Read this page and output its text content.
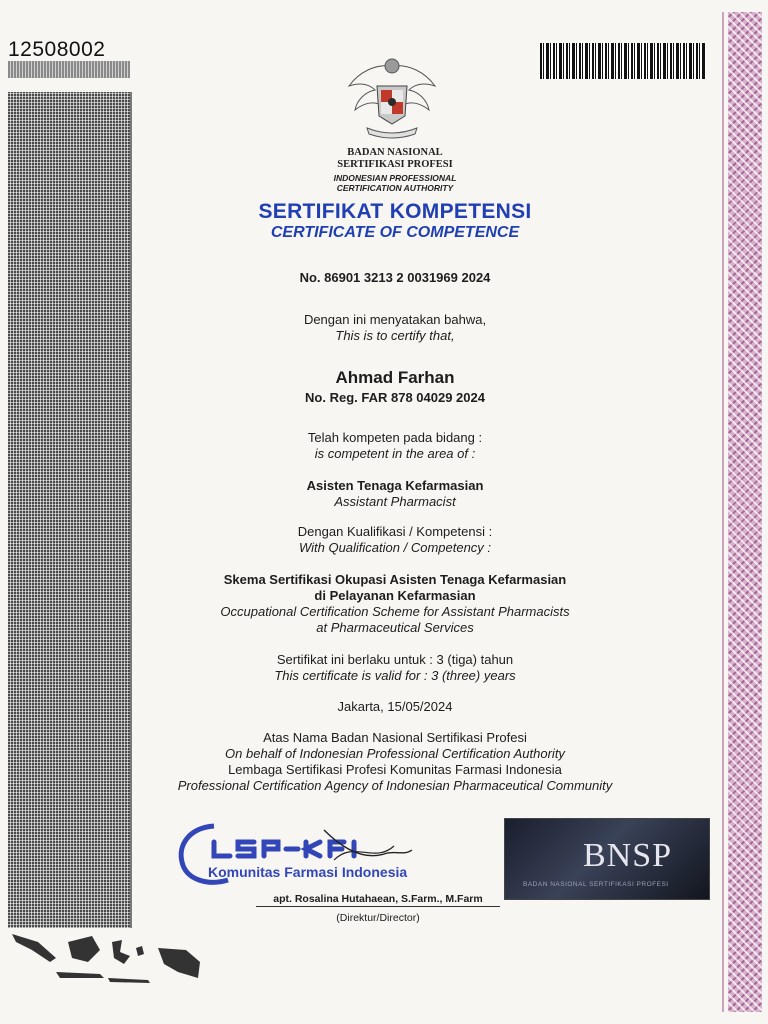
12508002
BADAN NASIONAL
SERTIFIKASI PROFESI
INDONESIAN PROFESSIONAL
CERTIFICATION AUTHORITY
SERTIFIKAT KOMPETENSI
CERTIFICATE OF COMPETENCE
No. 86901 3213 2 0031969 2024
Dengan ini menyatakan bahwa,
This is to certify that,
Ahmad Farhan
No. Reg. FAR 878 04029 2024
Telah kompeten pada bidang :
is competent in the area of :
Asisten Tenaga Kefarmasian
Assistant Pharmacist
Dengan Kualifikasi / Kompetensi :
With Qualification / Competency :
Skema Sertifikasi Okupasi Asisten Tenaga Kefarmasian
di Pelayanan Kefarmasian
Occupational Certification Scheme for Assistant Pharmacists
at Pharmaceutical Services
Sertifikat ini berlaku untuk : 3 (tiga) tahun
This certificate is valid for : 3 (three) years
Jakarta, 15/05/2024
Atas Nama Badan Nasional Sertifikasi Profesi
On behalf of Indonesian Professional Certification Authority
Lembaga Sertifikasi Profesi Komunitas Farmasi Indonesia
Professional Certification Agency of Indonesian Pharmaceutical Community
Komunitas Farmasi Indonesia	BNSP
BADAN NASIONAL SERTIFIKASI PROFESI
apt. Rosalina Hutahaean, S.Farm., M.Farm
(Direktur/Director)
